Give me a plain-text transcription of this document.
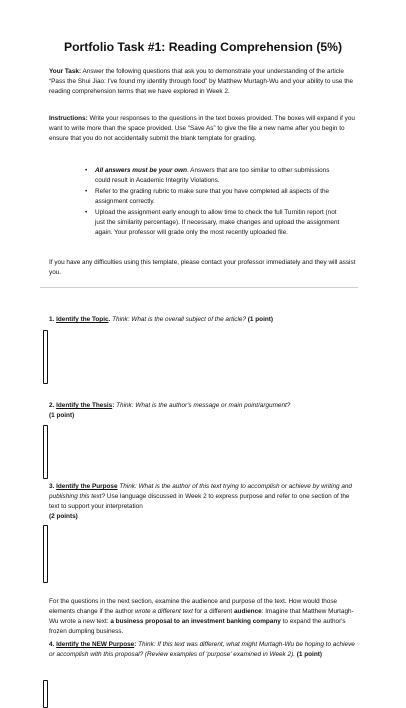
Portfolio Task #1: Reading Comprehension (5%)
Your Task: Answer the following questions that ask you to demonstrate your understanding of the article “Pass the Shui Jiao: I've found my identity through food” by Matthew Murtagh-Wu and your ability to use the reading comprehension terms that we have explored in Week 2.
Instructions: Write your responses to the questions in the text boxes provided. The boxes will expand if you want to write more than the space provided. Use “Save As” to give the file a new name after you begin to ensure that you do not accidentally submit the blank template for grading.
• All answers must be your own. Answers that are too similar to other submissions could result in Academic Integrity Violations.
• Refer to the grading rubric to make sure that you have completed all aspects of the assignment correctly.
• Upload the assignment early enough to allow time to check the full Turnitin report (not just the similarity percentage). If necessary, make changes and upload the assignment again. Your professor will grade only the most recently uploaded file.
If you have any difficulties using this template, please contact your professor immediately and they will assist you.
1. Identify the Topic. Think: What is the overall subject of the article? (1 point)
2. Identify the Thesis: Think: What is the author's message or main point/argument?
(1 point)
3. Identify the Purpose Think: What is the author of this text trying to accomplish or achieve by writing and publishing this text? Use language discussed in Week 2 to express purpose and refer to one section of the text to support your interpretation
(2 points)
For the questions in the next section, examine the audience and purpose of the text. How would those elements change if the author wrote a different text for a different audience: Imagine that Matthew Murtagh-Wu wrote a new text: a business proposal to an investment banking company to expand the author's frozen dumpling business.
4. Identify the NEW Purpose: Think: If this text was different, what might Murtagh-Wu be hoping to achieve or accomplish with this proposal? (Review examples of 'purpose' examined in Week 2). (1 point)
